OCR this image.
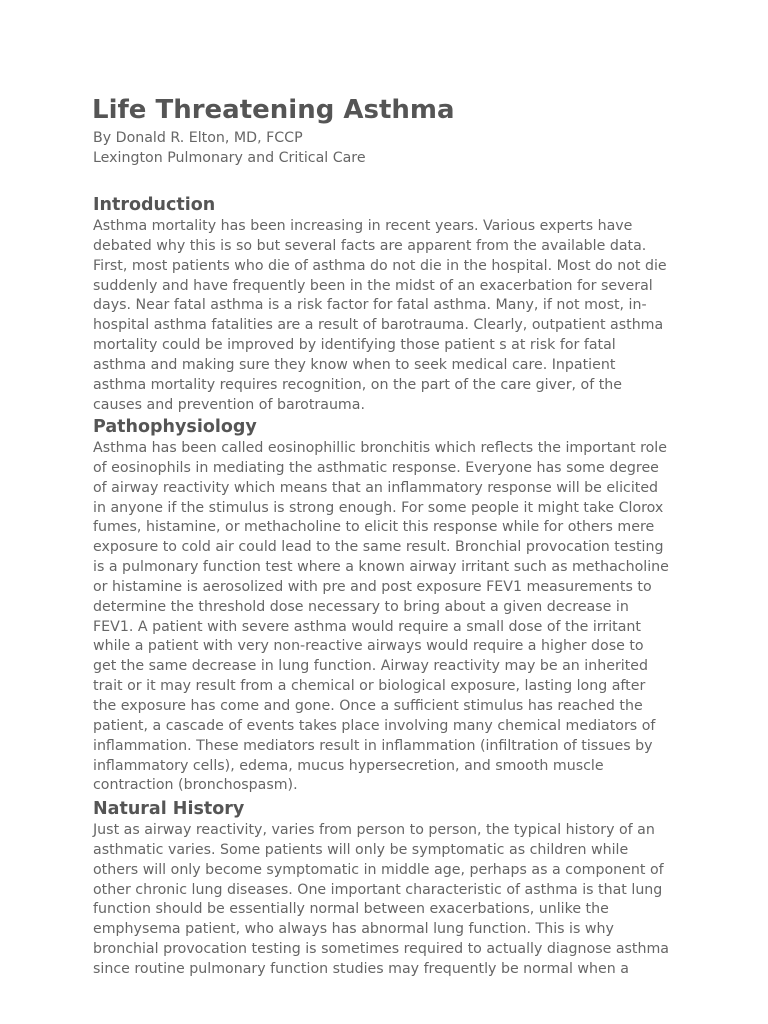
Life Threatening Asthma
By Donald R. Elton, MD, FCCP
Lexington Pulmonary and Critical Care
Introduction
Asthma mortality has been increasing in recent years. Various experts have
debated why this is so but several facts are apparent from the available data.
First, most patients who die of asthma do not die in the hospital. Most do not die
suddenly and have frequently been in the midst of an exacerbation for several
days. Near fatal asthma is a risk factor for fatal asthma. Many, if not most, in-
hospital asthma fatalities are a result of barotrauma. Clearly, outpatient asthma
mortality could be improved by identifying those patient s at risk for fatal
asthma and making sure they know when to seek medical care. Inpatient
asthma mortality requires recognition, on the part of the care giver, of the
causes and prevention of barotrauma.
Pathophysiology
Asthma has been called eosinophillic bronchitis which reflects the important role
of eosinophils in mediating the asthmatic response. Everyone has some degree
of airway reactivity which means that an inflammatory response will be elicited
in anyone if the stimulus is strong enough. For some people it might take Clorox
fumes, histamine, or methacholine to elicit this response while for others mere
exposure to cold air could lead to the same result. Bronchial provocation testing
is a pulmonary function test where a known airway irritant such as methacholine
or histamine is aerosolized with pre and post exposure FEV1 measurements to
determine the threshold dose necessary to bring about a given decrease in
FEV1. A patient with severe asthma would require a small dose of the irritant
while a patient with very non-reactive airways would require a higher dose to
get the same decrease in lung function. Airway reactivity may be an inherited
trait or it may result from a chemical or biological exposure, lasting long after
the exposure has come and gone. Once a sufficient stimulus has reached the
patient, a cascade of events takes place involving many chemical mediators of
inflammation. These mediators result in inflammation (infiltration of tissues by
inflammatory cells), edema, mucus hypersecretion, and smooth muscle
contraction (bronchospasm).
Natural History
Just as airway reactivity, varies from person to person, the typical history of an
asthmatic varies. Some patients will only be symptomatic as children while
others will only become symptomatic in middle age, perhaps as a component of
other chronic lung diseases. One important characteristic of asthma is that lung
function should be essentially normal between exacerbations, unlike the
emphysema patient, who always has abnormal lung function. This is why
bronchial provocation testing is sometimes required to actually diagnose asthma
since routine pulmonary function studies may frequently be normal when a
